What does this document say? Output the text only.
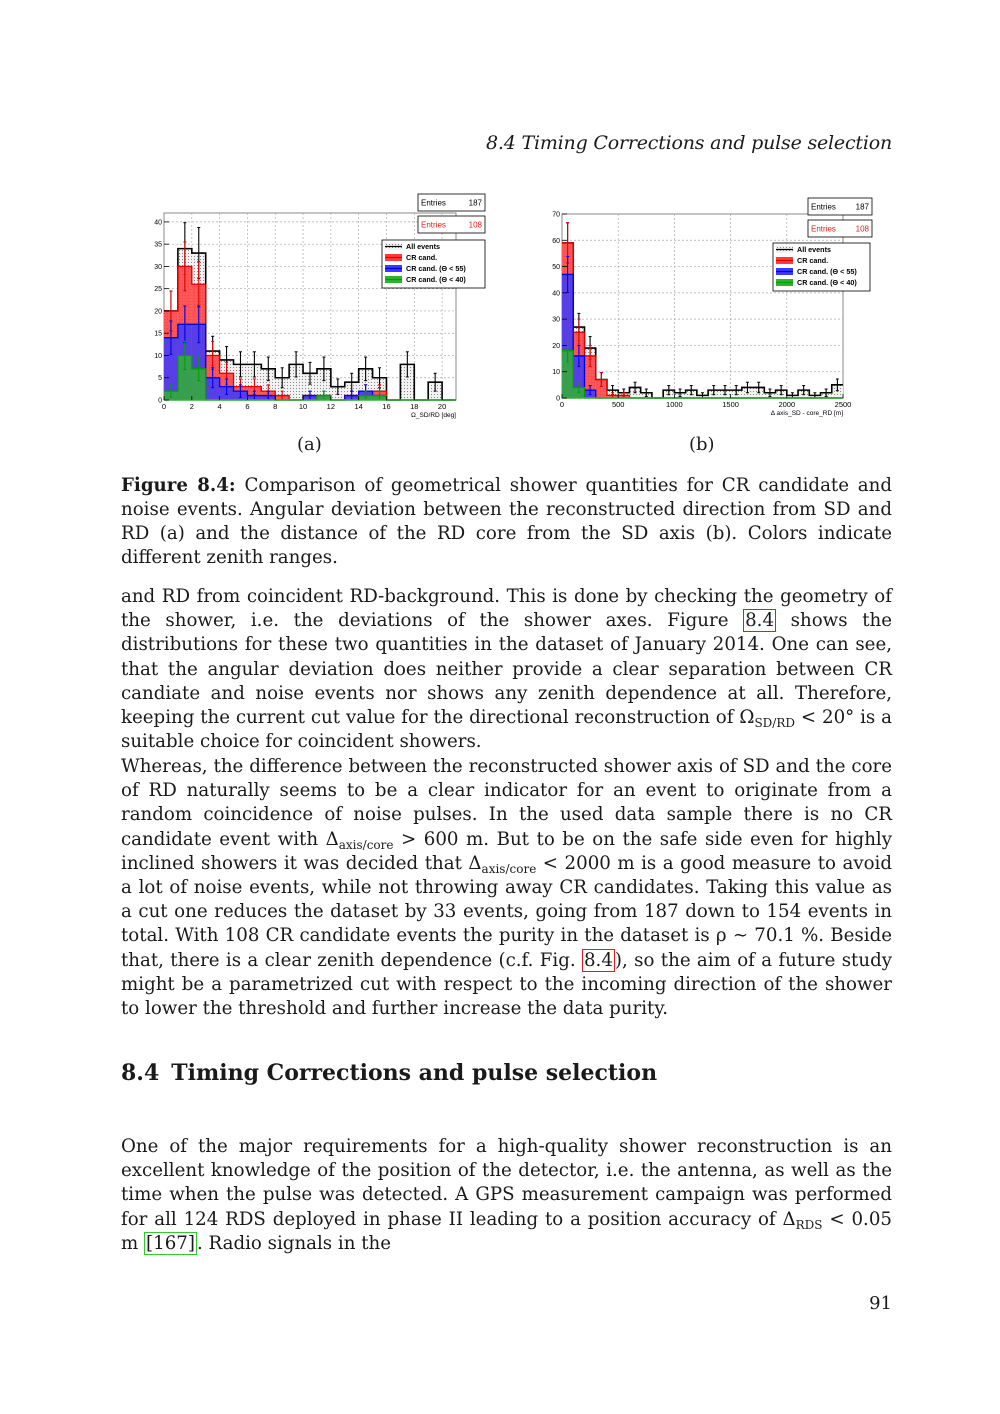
8.4 Timing Corrections and pulse selection
0	2	4	6	8	10	12	14	16	18	20
0
5
10
15
20
25
30
35
40
Ω_SD/RD [deg]
Entries	187
Entries	108
All events
CR cand.
CR cand. (Θ < 55)
CR cand. (Θ < 40)
(a)
0	500	1000	1500	2000	2500
0
10
20
30
40
50
60
70
Δ axis_SD - core_RD [m]
Entries 187
Entries 108
All events
CR cand.
CR cand. (Θ < 55)
CR cand. (Θ < 40)
(b)
Figure 8.4: Comparison of geometrical shower quantities for CR candidate and noise events. Angular deviation between the reconstructed direction from SD and RD (a) and the distance of the RD core from the SD axis (b). Colors indicate different zenith ranges.
and RD from coincident RD-background. This is done by checking the geometry of the shower, i.e. the deviations of the shower axes. Figure 8.4 shows the distributions for these two quantities in the dataset of January 2014. One can see, that the angular deviation does neither provide a clear separation between CR candiate and noise events nor shows any zenith dependence at all. Therefore, keeping the current cut value for the directional reconstruction of $\Omega_{SD/RD} < 20^\circ$ is a suitable choice for coincident showers.
Whereas, the difference between the reconstructed shower axis of SD and the core of RD naturally seems to be a clear indicator for an event to originate from a random coincidence of noise pulses. In the used data sample there is no CR candidate event with $\Delta_{axis/core} > 600$ m. But to be on the safe side even for highly inclined showers it was decided that $\Delta_{axis/core} < 2000$ m is a good measure to avoid a lot of noise events, while not throwing away CR candidates. Taking this value as a cut one reduces the dataset by 33 events, going from 187 down to 154 events in total. With 108 CR candidate events the purity in the dataset is ρ ∼ 70.1 %. Beside that, there is a clear zenith dependence (c.f. Fig. 8.4 ), so the aim of a future study might be a parametrized cut with respect to the incoming direction of the shower to lower the threshold and further increase the data purity.
8.4 Timing Corrections and pulse selection
One of the major requirements for a high-quality shower reconstruction is an excellent knowledge of the position of the detector, i.e. the antenna, as well as the time when the pulse was detected. A GPS measurement campaign was performed for all 124 RDS deployed in phase II leading to a position accuracy of $\Delta_{RDS} < 0.05$ m [167] . Radio signals in the
91
